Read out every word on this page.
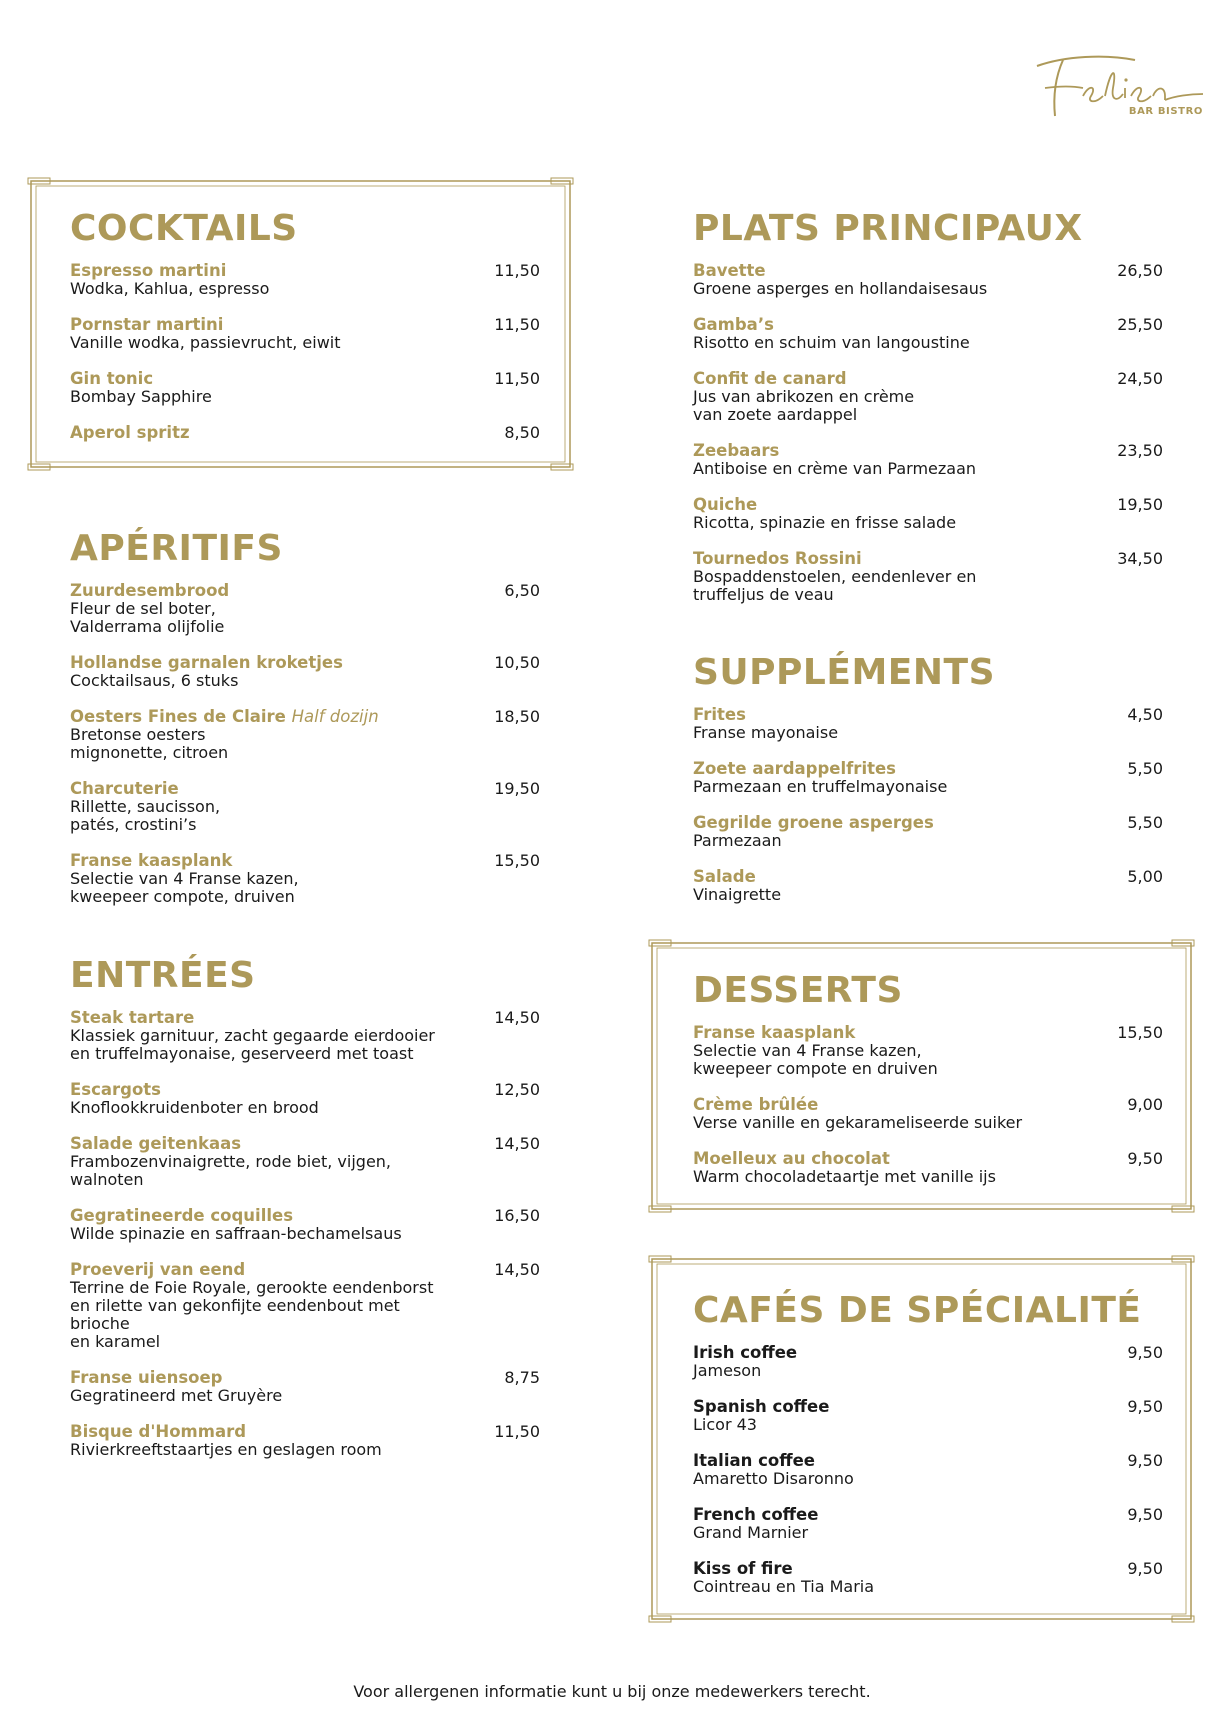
BAR BISTRO
COCKTAILS
Espresso martini
Wodka, Kahlua, espresso
11,50
Pornstar martini
Vanille wodka, passievrucht, eiwit
11,50
Gin tonic
Bombay Sapphire
11,50
Aperol spritz	8,50
APÉRITIFS
Zuurdesembrood
Fleur de sel boter,
Valderrama olijfolie
6,50
Hollandse garnalen kroketjes
Cocktailsaus, 6 stuks
10,50
Oesters Fines de Claire Half dozijn
Bretonse oesters
mignonette, citroen
18,50
Charcuterie
Rillette, saucisson,
patés, crostini’s
19,50
Franse kaasplank
Selectie van 4 Franse kazen,
kweepeer compote, druiven
15,50
ENTRÉES
Steak tartare
Klassiek garnituur, zacht gegaarde eierdooier
en truffelmayonaise, geserveerd met toast
14,50
Escargots
Knoflookkruidenboter en brood
12,50
Salade geitenkaas
Frambozenvinaigrette, rode biet, vijgen, walnoten
14,50
Gegratineerde coquilles
Wilde spinazie en saffraan-bechamelsaus
16,50
Proeverij van eend
Terrine de Foie Royale, gerookte eendenborst
en rilette van gekonfijte eendenbout met brioche
en karamel
14,50
Franse uiensoep
Gegratineerd met Gruyère
8,75
Bisque d'Hommard
Rivierkreeftstaartjes en geslagen room
11,50
PLATS PRINCIPAUX
Bavette
Groene asperges en hollandaisesaus
26,50
Gamba’s
Risotto en schuim van langoustine
25,50
Confit de canard
Jus van abrikozen en crème
van zoete aardappel
24,50
Zeebaars
Antiboise en crème van Parmezaan
23,50
Quiche
Ricotta, spinazie en frisse salade
19,50
Tournedos Rossini
Bospaddenstoelen, eendenlever en
truffeljus de veau
34,50
SUPPLÉMENTS
Frites
Franse mayonaise
4,50
Zoete aardappelfrites
Parmezaan en truffelmayonaise
5,50
Gegrilde groene asperges
Parmezaan
5,50
Salade
Vinaigrette
5,00
DESSERTS
Franse kaasplank
Selectie van 4 Franse kazen,
kweepeer compote en druiven
15,50
Crème brûlée
Verse vanille en gekarameliseerde suiker
9,00
Moelleux au chocolat
Warm chocoladetaartje met vanille ijs
9,50
CAFÉS DE SPÉCIALITÉ
Irish coffee
Jameson
9,50
Spanish coffee
Licor 43
9,50
Italian coffee
Amaretto Disaronno
9,50
French coffee
Grand Marnier
9,50
Kiss of fire
Cointreau en Tia Maria
9,50
Voor allergenen informatie kunt u bij onze medewerkers terecht.
